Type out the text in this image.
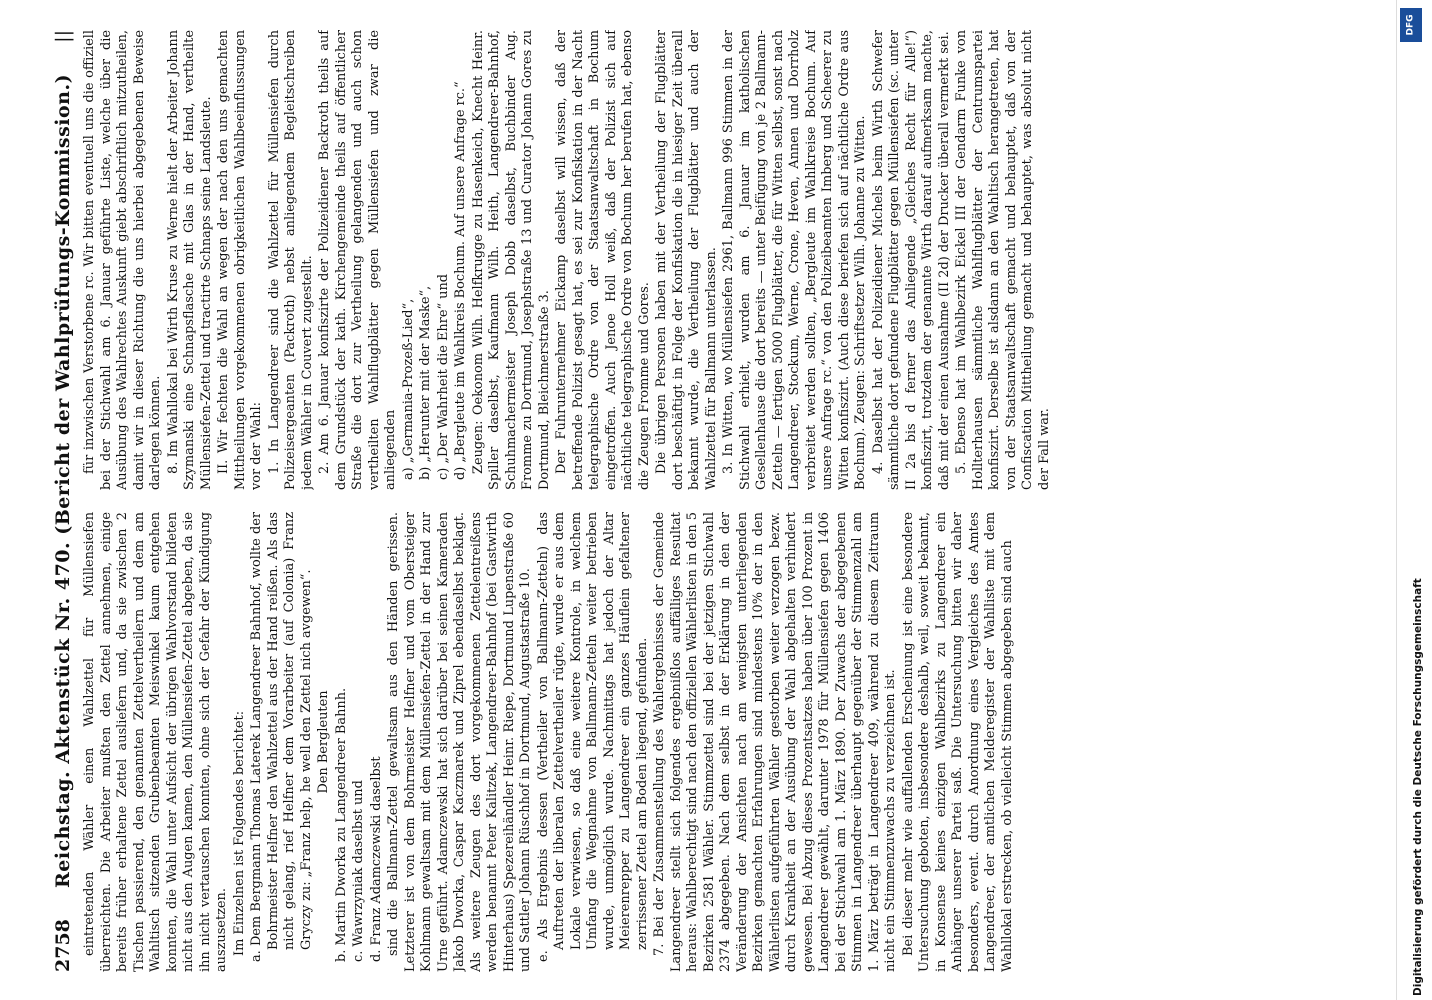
2758
Reichstag. Aktenstück Nr. 470. (Bericht der Wahlprüfungs-Kommission.)
||

eintretenden Wähler einen Wahlzettel für Müllensiefen überreichten. Die Arbeiter mußten den Zettel annehmen, einige bereits früher erhaltene Zettel ausliefern und, da sie zwischen 2 Tischen passierend, den genannten Zettelvertheilern und dem am Wahltisch sitzenden Grubenbeamten Meiswinkel kaum entgehen konnten, die Wahl unter Aufsicht der übrigen Wahlvorstand bildeten nicht aus den Augen kamen, den Müllensiefen-Zettel abgeben, da sie ihn nicht vertauschen konnten, ohne sich der Gefahr der Kündigung auszusetzen. Im Einzelnen ist Folgendes berichtet: a. Dem Bergmann Thomas Laterek Langendreer Bahnhof, wollte der Bohrmeister Helfner den Wahlzettel aus der Hand reißen. Als das nicht gelang, rief Helfner dem Vorarbeiter (auf Colonia) Franz Gryczy zu: „Franz help, he well den Zettel nich avgewen“. Den Bergleuten b. Martin Dworka zu Langendreer Bahnh. c. Wawrzyniak daselbst und d. Franz Adamczewski daselbst sind die Ballmann-Zettel gewaltsam aus den Händen gerissen. Letzterer ist von dem Bohrmeister Helfner und vom Obersteiger Kohlmann gewaltsam mit dem Müllensiefen-Zettel in der Hand zur Urne geführt. Adamczewski hat sich darüber bei seinen Kameraden Jakob Dworka, Caspar Kaczmarek und Ziprel ebendaselbst beklagt. Als weitere Zeugen des dort vorgekommenen Zettelentreißens werden benannt Peter Kalitzek, Langendreer-Bahnhof (bei Gastwirth Hinterhaus) Spezereihändler Heinr. Riepe, Dortmund Lupenstraße 60 und Sattler Johann Rüschhof in Dortmund, Augustastraße 10. e. Als Ergebnis dessen (Vertheiler von Ballmann-Zetteln) das Auftreten der liberalen Zettelvertheiler rügte, wurde er aus dem Lokale verwiesen, so daß eine weitere Kontrole, in welchem Umfang die Wegnahme von Ballmann-Zetteln weiter betrieben wurde, unmöglich wurde. Nachmittags hat jedoch der Altar Meierenrepper zu Langendreer ein ganzes Häuflein gefaltener zerrissener Zettel am Boden liegend, gefunden. 7. Bei der Zusammenstellung des Wahlergebnisses der Gemeinde Langendreer stellt sich folgendes ergebnißlos auffälliges Resultat heraus: Wahlberechtigt sind nach den offiziellen Wählerlisten in den 5 Bezirken 2581 Wähler. Stimmzettel sind bei der jetzigen Stichwahl 2374 abgegeben. Nach dem selbst in der Erklärung in den der Veränderung der Ansichten nach am wenigsten unterliegenden Bezirken gemachten Erfahrungen sind mindestens 10% der in den Wählerlisten aufgeführten Wähler gestorben weiter verzogen bezw. durch Krankheit an der Ausübung der Wahl abgehalten verhindert gewesen. Bei Abzug dieses Prozentsatzes haben über 100 Prozent in Langendreer gewählt, darunter 1978 für Müllensiefen gegen 1406 bei der Stichwahl am 1. März 1890. Der Zuwachs der abgegebenen Stimmen in Langendreer überhaupt gegenüber der Stimmenzahl am 1. März beträgt in Langendreer 409, während zu diesem Zeitraum nicht ein Stimmenzuwachs zu verzeichnen ist. Bei dieser mehr wie auffallenden Erscheinung ist eine besondere Untersuchung geboten, insbesondere deshalb, weil, soweit bekannt, in Konsense keines einzigen Wahlbezirks zu Langendreer ein Anhänger unserer Partei saß. Die Untersuchung bitten wir daher besonders, event. durch Anordnung eines Vergleiches des Amtes Langendreer, der amtlichen Melderegister der Wahlliste mit dem Wahllokal erstrecken, ob vielleicht Stimmen abgegeben sind auch

für inzwischen Verstorbene rc. Wir bitten eventuell uns die offiziell bei der Stichwahl am 6. Januar geführte Liste, welche über die Ausübung des Wahlrechtes Auskunft giebt abschriftlich mitzutheilen, damit wir in dieser Richtung die uns hierbei abgegebenen Beweise darlegen können. 8. Im Wahllokal bei Wirth Kruse zu Werne hielt der Arbeiter Johann Szymanski eine Schnapsflasche mit Glas in der Hand, vertheilte Müllensiefen-Zettel und tractirte Schnaps seine Landsleute. II. Wir fechten die Wahl an wegen der nach den uns gemachten Mittheilungen vorgekommenen obrigkeitlichen Wahlbeeinflussungen vor der Wahl: 1. In Langendreer sind die Wahlzettel für Müllensiefen durch Polizeisergeanten (Packroth) nebst anliegendem Begleitschreiben jedem Wähler in Couvert zugestellt. 2. Am 6. Januar konfiszirte der Polizeidiener Backroth theils auf dem Grundstück der kath. Kirchengemeinde theils auf öffentlicher Straße die dort zur Vertheilung gelangenden und auch schon vertheilten Wahlflugblätter gegen Müllensiefen und zwar die anliegenden a) „Germania-Prozeß-Lied“, b) „Herunter mit der Maske“, c) „Der Wahrheit die Ehre“ und d) „Bergleute im Wahlkreis Bochum. Auf unsere Anfrage rc.“ Zeugen: Oekonom Wilh. Helfkrugge zu Hasenkeich, Knecht Heinr. Spiller daselbst, Kaufmann Wilh. Heith, Langendreer-Bahnhof, Schuhmachermeister Joseph Dobb daselbst, Buchbinder Aug. Fromme zu Dortmund, Josephstraße 13 und Curator Johann Gores zu Dortmund, Bleichmerstraße 3. Der Fuhrunternehmer Eickamp daselbst will wissen, daß der betreffende Polizist gesagt hat, es sei zur Konfiskation in der Nacht telegraphische Ordre von der Staatsanwaltschaft in Bochum eingetroffen. Auch Jenoe Holl weiß, daß der Polizist sich auf nächtliche telegraphische Ordre von Bochum her berufen hat, ebenso die Zeugen Fromme und Gores. Die übrigen Personen haben mit der Vertheilung der Flugblätter dort beschäftigt in Folge der Konfiskation die in hiesiger Zeit überall bekannt wurde, die Vertheilung der Flugblätter und auch der Wahlzettel für Ballmann unterlassen. 3. In Witten, wo Müllensiefen 2961, Ballmann 996 Stimmen in der Stichwahl erhielt, wurden am 6. Januar im katholischen Gesellenhause die dort bereits — unter Beifügung von je 2 Ballmann-Zetteln — fertigen 5000 Flugblätter, die für Witten selbst, sonst nach Langendreer, Stockum, Werne, Crone, Heven, Annen und Dorrholz verbreitet werden sollten, „Bergleute im Wahlkreise Bochum. Auf unsere Anfrage rc.“ von den Polizeibeamten Imberg und Scheerer zu Witten konfiszirt. (Auch diese beriefen sich auf nächtliche Ordre aus Bochum). Zeugen: Schriftsetzer Wilh. Johanne zu Witten. 4. Daselbst hat der Polizeidiener Michels beim Wirth Schwefer sämmtliche dort gefundene Flugblätter gegen Müllensiefen (sc. unter II 2a bis d ferner das Anliegende „Gleiches Recht für Alle!“) konfiszirt, trotzdem der genannte Wirth darauf aufmerksam machte, daß mit der einen Ausnahme (II 2d) der Drucker überall vermerkt sei. 5. Ebenso hat im Wahlbezirk Eickel III der Gendarm Funke von Hollterhausen sämmtliche Wahlflugblätter der Centrumspartei konfiszirt. Derselbe ist alsdann an den Wahltisch herangetreten, hat von der Staatsanwaltschaft gemacht und behauptet, daß von der Confiscation Mittheilung gemacht und behauptet, was absolut nicht der Fall war.

Digitalisierung gefördert durch die Deutsche Forschungsgemeinschaft
DFG
